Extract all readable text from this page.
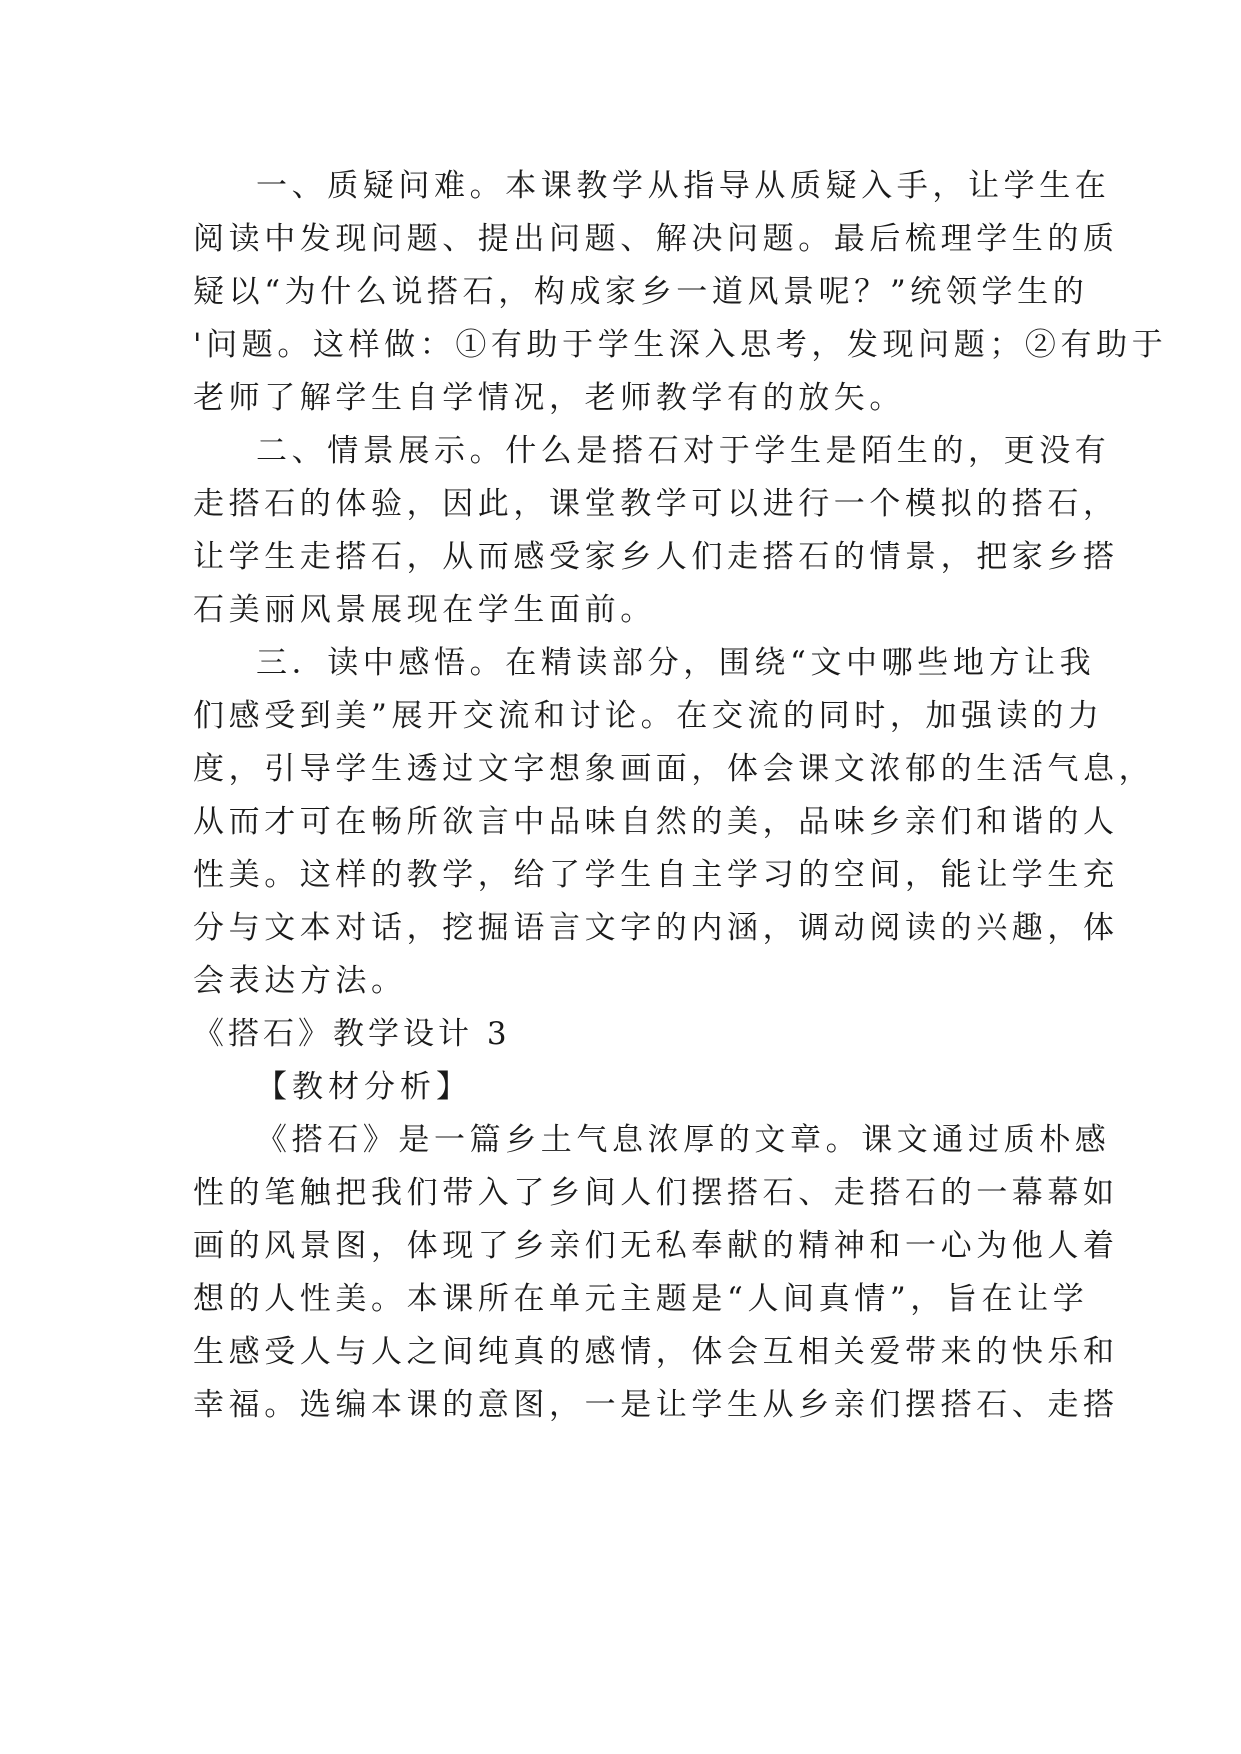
一、质疑问难。本课教学从指导从质疑入手，让学生在
阅读中发现问题、提出问题、解决问题。最后梳理学生的质
疑以“为什么说搭石，构成家乡一道风景呢？”统领学生的
'问题。这样做：①有助于学生深入思考，发现问题；②有助于
老师了解学生自学情况，老师教学有的放矢。
二、情景展示。什么是搭石对于学生是陌生的，更没有
走搭石的体验，因此，课堂教学可以进行一个模拟的搭石，
让学生走搭石，从而感受家乡人们走搭石的情景，把家乡搭
石美丽风景展现在学生面前。
三．读中感悟。在精读部分，围绕“文中哪些地方让我
们感受到美”展开交流和讨论。在交流的同时，加强读的力
度，引导学生透过文字想象画面，体会课文浓郁的生活气息，
从而才可在畅所欲言中品味自然的美，品味乡亲们和谐的人
性美。这样的教学，给了学生自主学习的空间，能让学生充
分与文本对话，挖掘语言文字的内涵，调动阅读的兴趣，体
会表达方法。
《搭石》教学设计 3
【教材分析】
《搭石》是一篇乡土气息浓厚的文章。课文通过质朴感
性的笔触把我们带入了乡间人们摆搭石、走搭石的一幕幕如
画的风景图，体现了乡亲们无私奉献的精神和一心为他人着
想的人性美。本课所在单元主题是“人间真情”，旨在让学
生感受人与人之间纯真的感情，体会互相关爱带来的快乐和
幸福。选编本课的意图，一是让学生从乡亲们摆搭石、走搭
